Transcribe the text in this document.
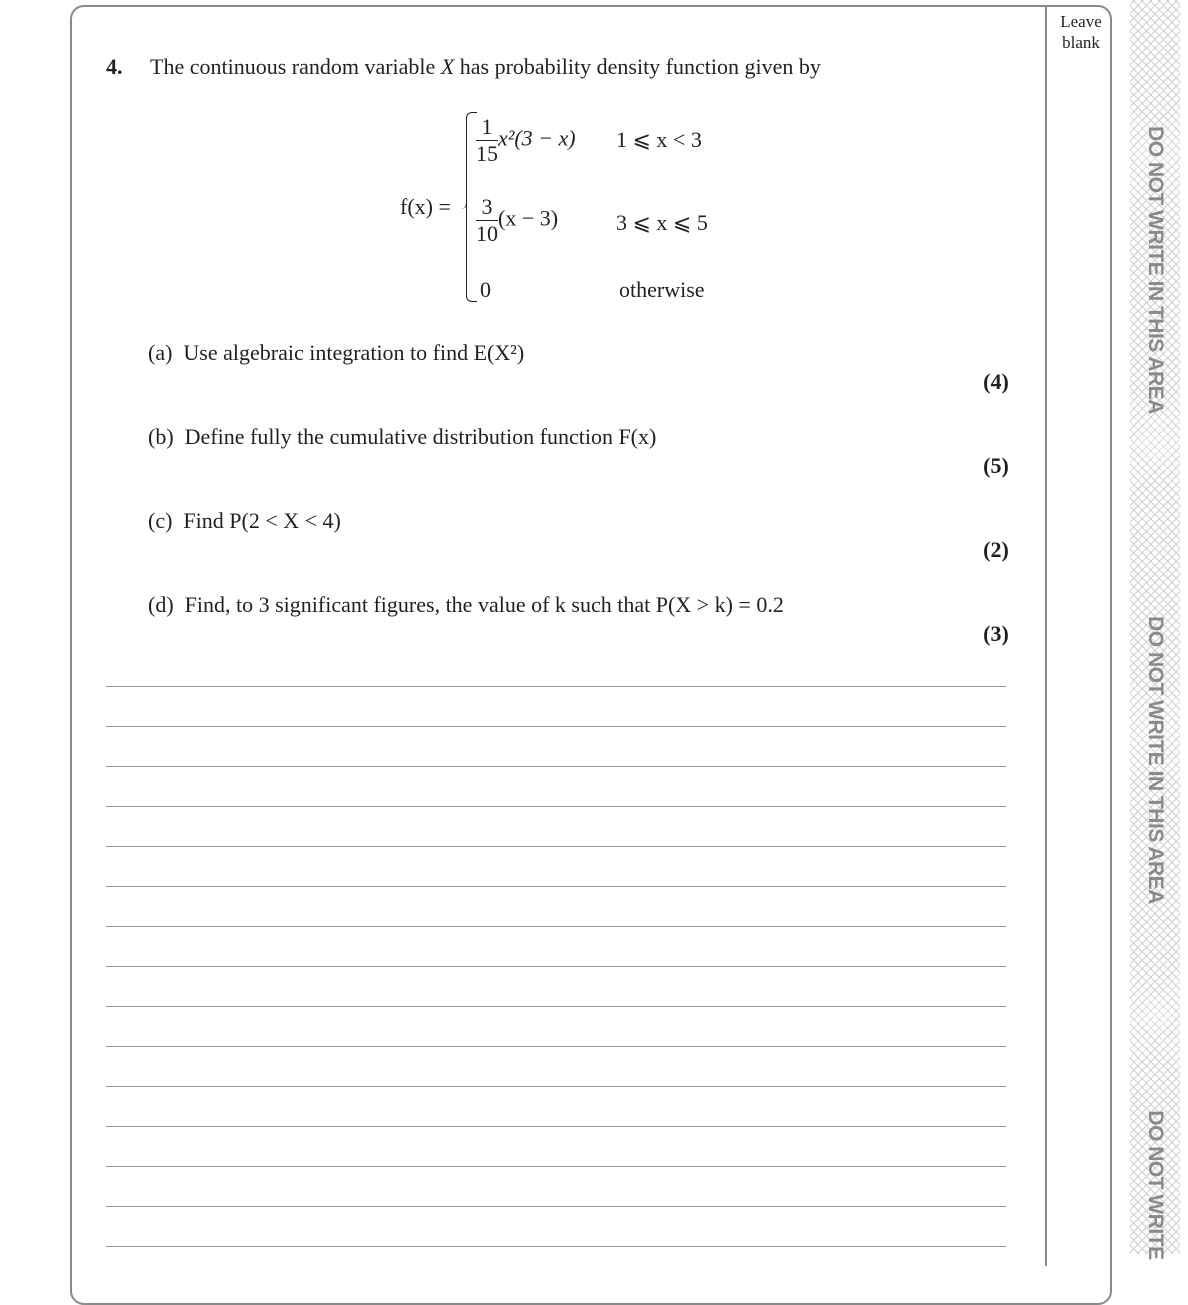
Leave blank
DO NOT WRITE IN THIS AREA
DO NOT WRITE IN THIS AREA
DO NOT WRITE
4. The continuous random variable X has probability density function given by
f(x) =
$\frac{1}{15} x^2(3 - x)$ 1 ⩽ x < 3
$\frac{3}{10} (x - 3)$	3 ⩽ x ⩽ 5
0	otherwise
(a) Use algebraic integration to find E(X²)
(4)
(b) Define fully the cumulative distribution function F(x)
(5)
(c) Find P(2 < X < 4)
(2)
(d) Find, to 3 significant figures, the value of k such that P(X > k) = 0.2
(3)
